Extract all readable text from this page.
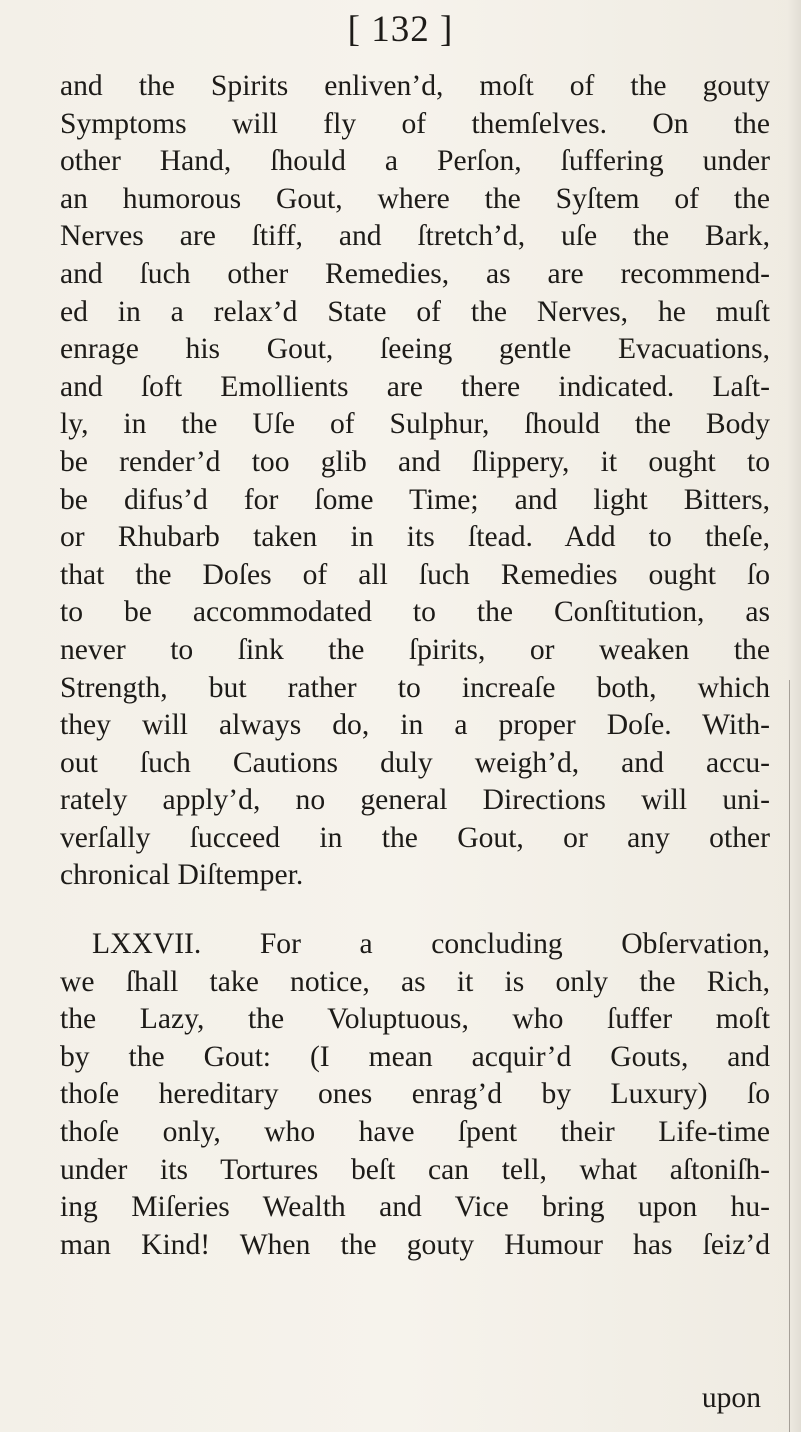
[ 132 ]
and the Spirits enliven’d, moſt of the gouty
Symptoms will fly of themſelves. On the
other Hand, ſhould a Perſon, ſuffering under
an humorous Gout, where the Syſtem of the
Nerves are ſtiff, and ſtretch’d, uſe the Bark,
and ſuch other Remedies, as are recommend-
ed in a relax’d State of the Nerves, he muſt
enrage his Gout, ſeeing gentle Evacuations,
and ſoft Emollients are there indicated. Laſt-
ly, in the Uſe of Sulphur, ſhould the Body
be render’d too glib and ſlippery, it ought to
be difus’d for ſome Time; and light Bitters,
or Rhubarb taken in its ſtead. Add to theſe,
that the Doſes of all ſuch Remedies ought ſo
to be accommodated to the Conſtitution, as
never to ſink the ſpirits, or weaken the
Strength, but rather to increaſe both, which
they will always do, in a proper Doſe. With-
out ſuch Cautions duly weigh’d, and accu-
rately apply’d, no general Directions will uni-
verſally ſucceed in the Gout, or any other
chronical Diſtemper.
LXXVII. For a concluding Obſervation,
we ſhall take notice, as it is only the Rich,
the Lazy, the Voluptuous, who ſuffer moſt
by the Gout: (I mean acquir’d Gouts, and
thoſe hereditary ones enrag’d by Luxury) ſo
thoſe only, who have ſpent their Life-time
under its Tortures beſt can tell, what aſtoniſh-
ing Miſeries Wealth and Vice bring upon hu-
man Kind! When the gouty Humour has ſeiz’d
upon
